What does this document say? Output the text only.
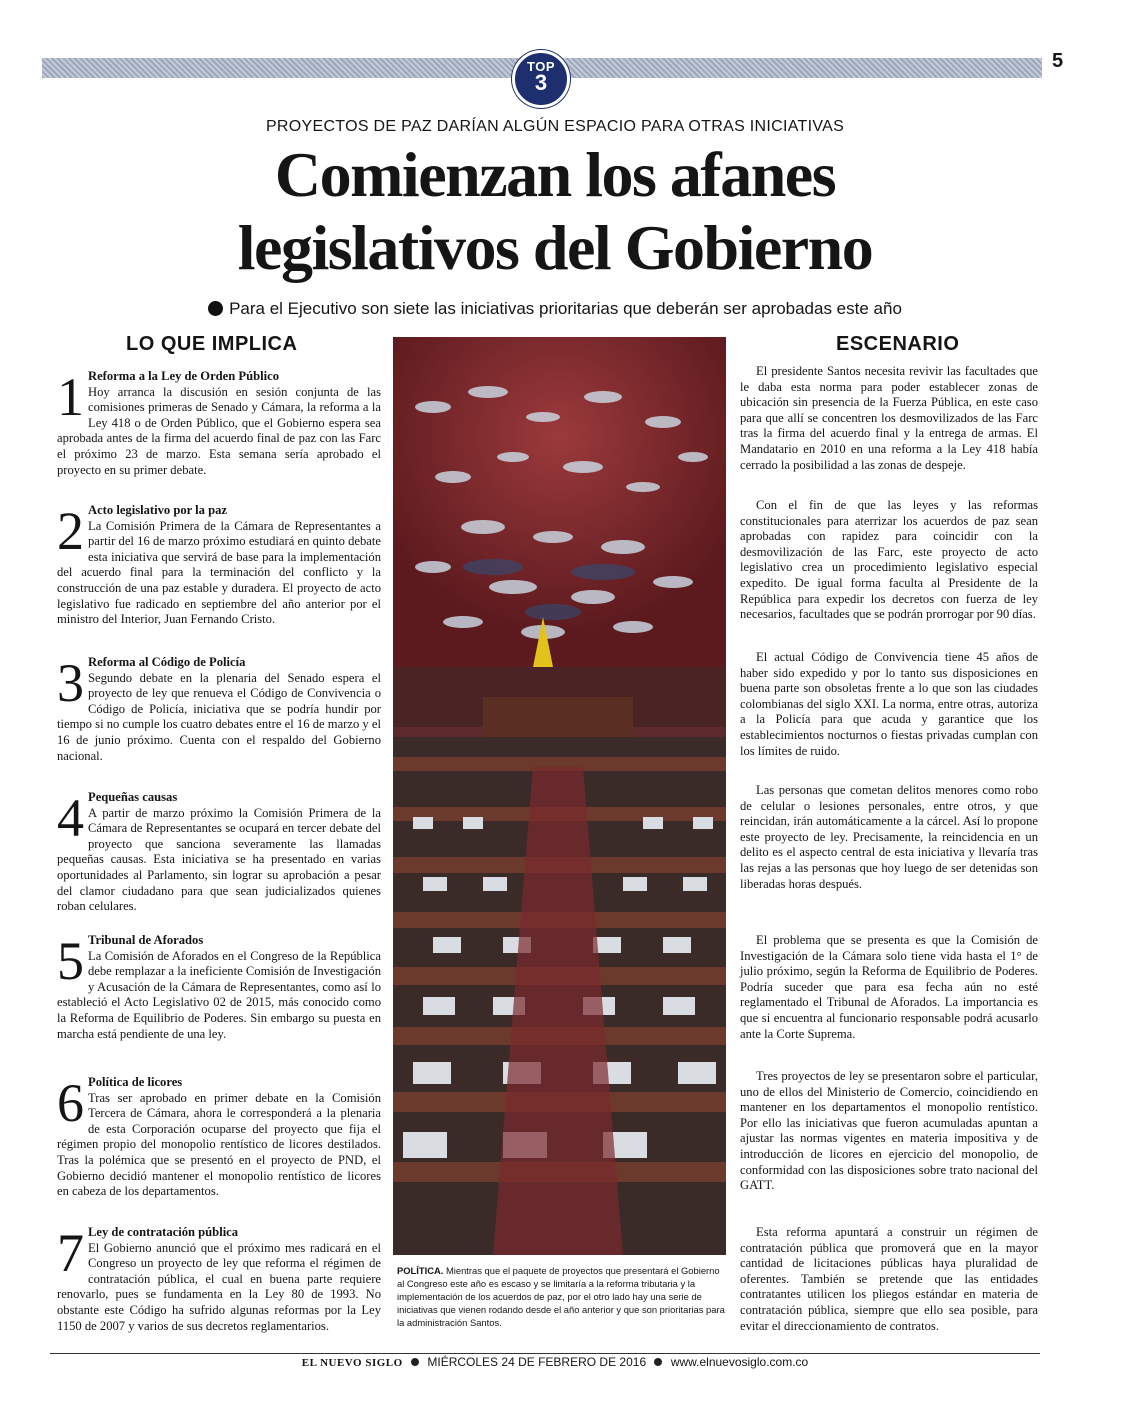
5
TOP
3
PROYECTOS DE PAZ DARÍAN ALGÚN ESPACIO PARA OTRAS INICIATIVAS
Comienzan los afanes
legislativos del Gobierno
Para el Ejecutivo son siete las iniciativas prioritarias que deberán ser aprobadas este año
LO QUE IMPLICA	ESCENARIO
1 Reforma a la Ley de Orden Público
Hoy arranca la discusión en sesión conjunta de las comisiones primeras de Senado y Cámara, la reforma a la Ley 418 o de Orden Público, que el Gobierno espera sea aprobada antes de la firma del acuerdo final de paz con las Farc el próximo 23 de marzo. Esta semana sería aprobado el proyecto en su primer debate.
2 Acto legislativo por la paz
La Comisión Primera de la Cámara de Representantes a partir del 16 de marzo próximo estudiará en quinto debate esta iniciativa que servirá de base para la implementación del acuerdo final para la terminación del conflicto y la construcción de una paz estable y duradera. El proyecto de acto legislativo fue radicado en septiembre del año anterior por el ministro del Interior, Juan Fernando Cristo.
3 Reforma al Código de Policía
Segundo debate en la plenaria del Senado espera el proyecto de ley que renueva el Código de Convivencia o Código de Policía, iniciativa que se podría hundir por tiempo si no cumple los cuatro debates entre el 16 de marzo y el 16 de junio próximo. Cuenta con el respaldo del Gobierno nacional.
4 Pequeñas causas
A partir de marzo próximo la Comisión Primera de la Cámara de Representantes se ocupará en tercer debate del proyecto que sanciona severamente las llamadas pequeñas causas. Esta iniciativa se ha presentado en varias oportunidades al Parlamento, sin lograr su aprobación a pesar del clamor ciudadano para que sean judicializados quienes roban celulares.
5 Tribunal de Aforados
La Comisión de Aforados en el Congreso de la República debe remplazar a la ineficiente Comisión de Investigación y Acusación de la Cámara de Representantes, como así lo estableció el Acto Legislativo 02 de 2015, más conocido como la Reforma de Equilibrio de Poderes. Sin embargo su puesta en marcha está pendiente de una ley.
6 Política de licores
Tras ser aprobado en primer debate en la Comisión Tercera de Cámara, ahora le corresponderá a la plenaria de esta Corporación ocuparse del proyecto que fija el régimen propio del monopolio rentístico de licores destilados. Tras la polémica que se presentó en el proyecto de PND, el Gobierno decidió mantener el monopolio rentístico de licores en cabeza de los departamentos.
7 Ley de contratación pública
El Gobierno anunció que el próximo mes radicará en el Congreso un proyecto de ley que reforma el régimen de contratación pública, el cual en buena parte requiere renovarlo, pues se fundamenta en la Ley 80 de 1993. No obstante este Código ha sufrido algunas reformas por la Ley 1150 de 2007 y varios de sus decretos reglamentarios.
POLÍTICA. Mientras que el paquete de proyectos que presentará el Gobierno al Congreso este año es escaso y se limitaría a la reforma tributaria y la implementación de los acuerdos de paz, por el otro lado hay una serie de iniciativas que vienen rodando desde el año anterior y que son prioritarias para la administración Santos.

El presidente Santos necesita revivir las facultades que le daba esta norma para poder establecer zonas de ubicación sin presencia de la Fuerza Pública, en este caso para que allí se concentren los desmovilizados de las Farc tras la firma del acuerdo final y la entrega de armas. El Mandatario en 2010 en una reforma a la Ley 418 había cerrado la posibilidad a las zonas de despeje.

Con el fin de que las leyes y las reformas constitucionales para aterrizar los acuerdos de paz sean aprobadas con rapidez para coincidir con la desmovilización de las Farc, este proyecto de acto legislativo crea un procedimiento legislativo especial expedito. De igual forma faculta al Presidente de la República para expedir los decretos con fuerza de ley necesarios, facultades que se podrán prorrogar por 90 días.

El actual Código de Convivencia tiene 45 años de haber sido expedido y por lo tanto sus disposiciones en buena parte son obsoletas frente a lo que son las ciudades colombianas del siglo XXI. La norma, entre otras, autoriza a la Policía para que acuda y garantice que los establecimientos nocturnos o fiestas privadas cumplan con los límites de ruido.

Las personas que cometan delitos menores como robo de celular o lesiones personales, entre otros, y que reincidan, irán automáticamente a la cárcel. Así lo propone este proyecto de ley. Precisamente, la reincidencia en un delito es el aspecto central de esta iniciativa y llevaría tras las rejas a las personas que hoy luego de ser detenidas son liberadas horas después.

El problema que se presenta es que la Comisión de Investigación de la Cámara solo tiene vida hasta el 1° de julio próximo, según la Reforma de Equilibrio de Poderes. Podría suceder que para esa fecha aún no esté reglamentado el Tribunal de Aforados. La importancia es que si encuentra al funcionario responsable podrá acusarlo ante la Corte Suprema.

Tres proyectos de ley se presentaron sobre el particular, uno de ellos del Ministerio de Comercio, coincidiendo en mantener en los departamentos el monopolio rentístico. Por ello las iniciativas que fueron acumuladas apuntan a ajustar las normas vigentes en materia impositiva y de introducción de licores en ejercicio del monopolio, de conformidad con las disposiciones sobre trato nacional del GATT.

Esta reforma apuntará a construir un régimen de contratación pública que promoverá que en la mayor cantidad de licitaciones públicas haya pluralidad de oferentes. También se pretende que las entidades contratantes utilicen los pliegos estándar en materia de contratación pública, siempre que ello sea posible, para evitar el direccionamiento de contratos.

EL NUEVO SIGLO MIÉRCOLES 24 DE FEBRERO DE 2016 www.elnuevosiglo.com.co
